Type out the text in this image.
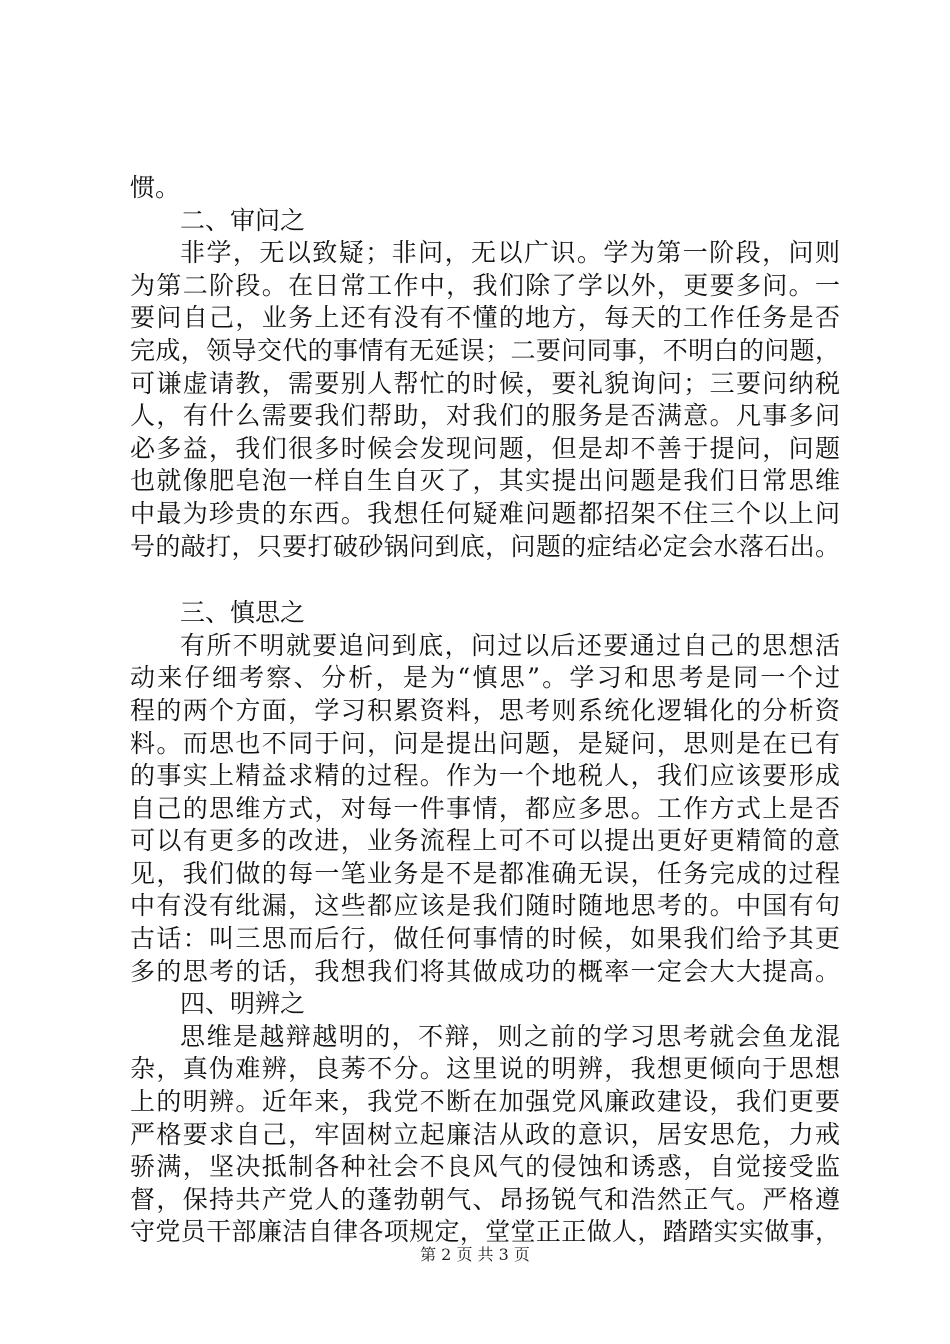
惯。
二、审问之
非学，无以致疑；非问，无以广识。学为第一阶段，问则
为第二阶段。在日常工作中，我们除了学以外，更要多问。一
要问自己，业务上还有没有不懂的地方，每天的工作任务是否
完成，领导交代的事情有无延误；二要问同事，不明白的问题，
可谦虚请教，需要别人帮忙的时候，要礼貌询问；三要问纳税
人，有什么需要我们帮助，对我们的服务是否满意。凡事多问
必多益，我们很多时候会发现问题，但是却不善于提问，问题
也就像肥皂泡一样自生自灭了，其实提出问题是我们日常思维
中最为珍贵的东西。我想任何疑难问题都招架不住三个以上问
号的敲打，只要打破砂锅问到底，问题的症结必定会水落石出。
三、慎思之
有所不明就要追问到底，问过以后还要通过自己的思想活
动来仔细考察、分析，是为“慎思”。学习和思考是同一个过
程的两个方面，学习积累资料，思考则系统化逻辑化的分析资
料。而思也不同于问，问是提出问题，是疑问，思则是在已有
的事实上精益求精的过程。作为一个地税人，我们应该要形成
自己的思维方式，对每一件事情，都应多思。工作方式上是否
可以有更多的改进，业务流程上可不可以提出更好更精简的意
见，我们做的每一笔业务是不是都准确无误，任务完成的过程
中有没有纰漏，这些都应该是我们随时随地思考的。中国有句
古话：叫三思而后行，做任何事情的时候，如果我们给予其更
多的思考的话，我想我们将其做成功的概率一定会大大提高。
四、明辨之
思维是越辩越明的，不辩，则之前的学习思考就会鱼龙混
杂，真伪难辨，良莠不分。这里说的明辨，我想更倾向于思想
上的明辨。近年来，我党不断在加强党风廉政建设，我们更要
严格要求自己，牢固树立起廉洁从政的意识，居安思危，力戒
骄满，坚决抵制各种社会不良风气的侵蚀和诱惑，自觉接受监
督，保持共产党人的蓬勃朝气、昂扬锐气和浩然正气。严格遵
守党员干部廉洁自律各项规定，堂堂正正做人，踏踏实实做事，
第 2 页 共 3 页
